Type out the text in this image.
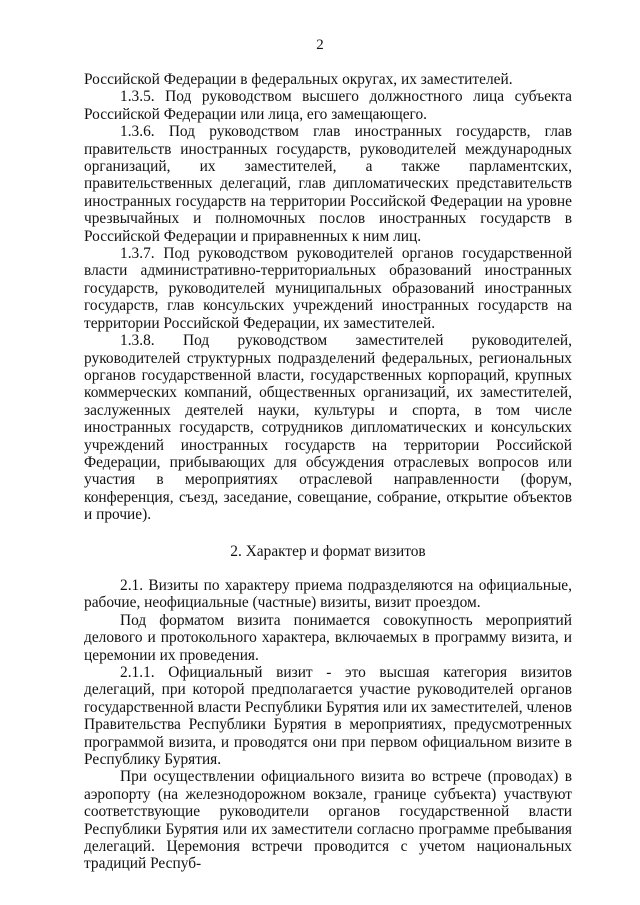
2

Российской Федерации в федеральных округах, их заместителей.

1.3.5. Под руководством высшего должностного лица субъекта Российской Федерации или лица, его замещающего.

1.3.6. Под руководством глав иностранных государств, глав правительств иностранных государств, руководителей международных организаций, их заместителей, а также парламентских, правительственных делегаций, глав дипломатических представительств иностранных государств на территории Российской Федерации на уровне чрезвычайных и полномочных послов иностранных государств в Российской Федерации и приравненных к ним лиц.

1.3.7. Под руководством руководителей органов государственной власти административно-территориальных образований иностранных государств, руководителей муниципальных образований иностранных государств, глав консульских учреждений иностранных государств на территории Российской Федерации, их заместителей.

1.3.8. Под руководством заместителей руководителей, руководителей структурных подразделений федеральных, региональных органов государственной власти, государственных корпораций, крупных коммерческих компаний, общественных организаций, их заместителей, заслуженных деятелей науки, культуры и спорта, в том числе иностранных государств, сотрудников дипломатических и консульских учреждений иностранных государств на территории Российской Федерации, прибывающих для обсуждения отраслевых вопросов или участия в мероприятиях отраслевой направленности (форум, конференция, съезд, заседание, совещание, собрание, открытие объектов и прочие).

2. Характер и формат визитов

2.1. Визиты по характеру приема подразделяются на официальные, рабочие, неофициальные (частные) визиты, визит проездом.

Под форматом визита понимается совокупность мероприятий делового и протокольного характера, включаемых в программу визита, и церемонии их проведения.

2.1.1. Официальный визит - это высшая категория визитов делегаций, при которой предполагается участие руководителей органов государственной власти Республики Бурятия или их заместителей, членов Правительства Республики Бурятия в мероприятиях, предусмотренных программой визита, и проводятся они при первом официальном визите в Республику Бурятия.

При осуществлении официального визита во встрече (проводах) в аэропорту (на железнодорожном вокзале, границе субъекта) участвуют соответствующие руководители органов государственной власти Республики Бурятия или их заместители согласно программе пребывания делегаций. Церемония встречи проводится с учетом национальных традиций Респуб-
